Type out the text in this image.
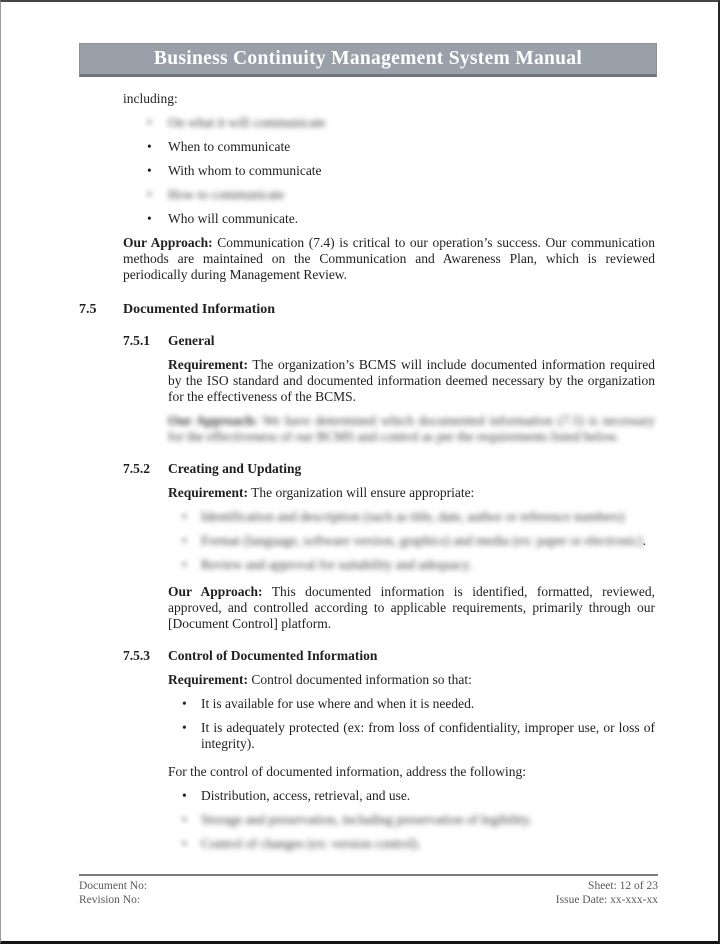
Business Continuity Management System Manual

including:

• On what it will communicate
• When to communicate
• With whom to communicate
• How to communicate
• Who will communicate.

Our Approach: Communication (7.4) is critical to our operation’s success. Our communication methods are maintained on the Communication and Awareness Plan, which is reviewed periodically during Management Review.

7.5	Documented Information
7.5.1	General

Requirement: The organization’s BCMS will include documented information required by the ISO standard and documented information deemed necessary by the organization for the effectiveness of the BCMS.

Our Approach: We have determined which documented information (7.5) is necessary for the effectiveness of our BCMS and control as per the requirements listed below.

7.5.2	Creating and Updating

Requirement: The organization will ensure appropriate:

• Identification and description (such as title, date, author or reference numbers)
• Format (language, software version, graphics) and media (ex: paper or electronic).
• Review and approval for suitability and adequacy.

Our Approach: This documented information is identified, formatted, reviewed, approved, and controlled according to applicable requirements, primarily through our [Document Control] platform.

7.5.3	Control of Documented Information

Requirement: Control documented information so that:

• It is available for use where and when it is needed.
• It is adequately protected (ex: from loss of confidentiality, improper use, or loss of integrity).

For the control of documented information, address the following:

• Distribution, access, retrieval, and use.
• Storage and preservation, including preservation of legibility.
• Control of changes (ex: version control).
Document No:
Revision No:
Sheet: 12 of 23
Issue Date: xx-xxx-xx
